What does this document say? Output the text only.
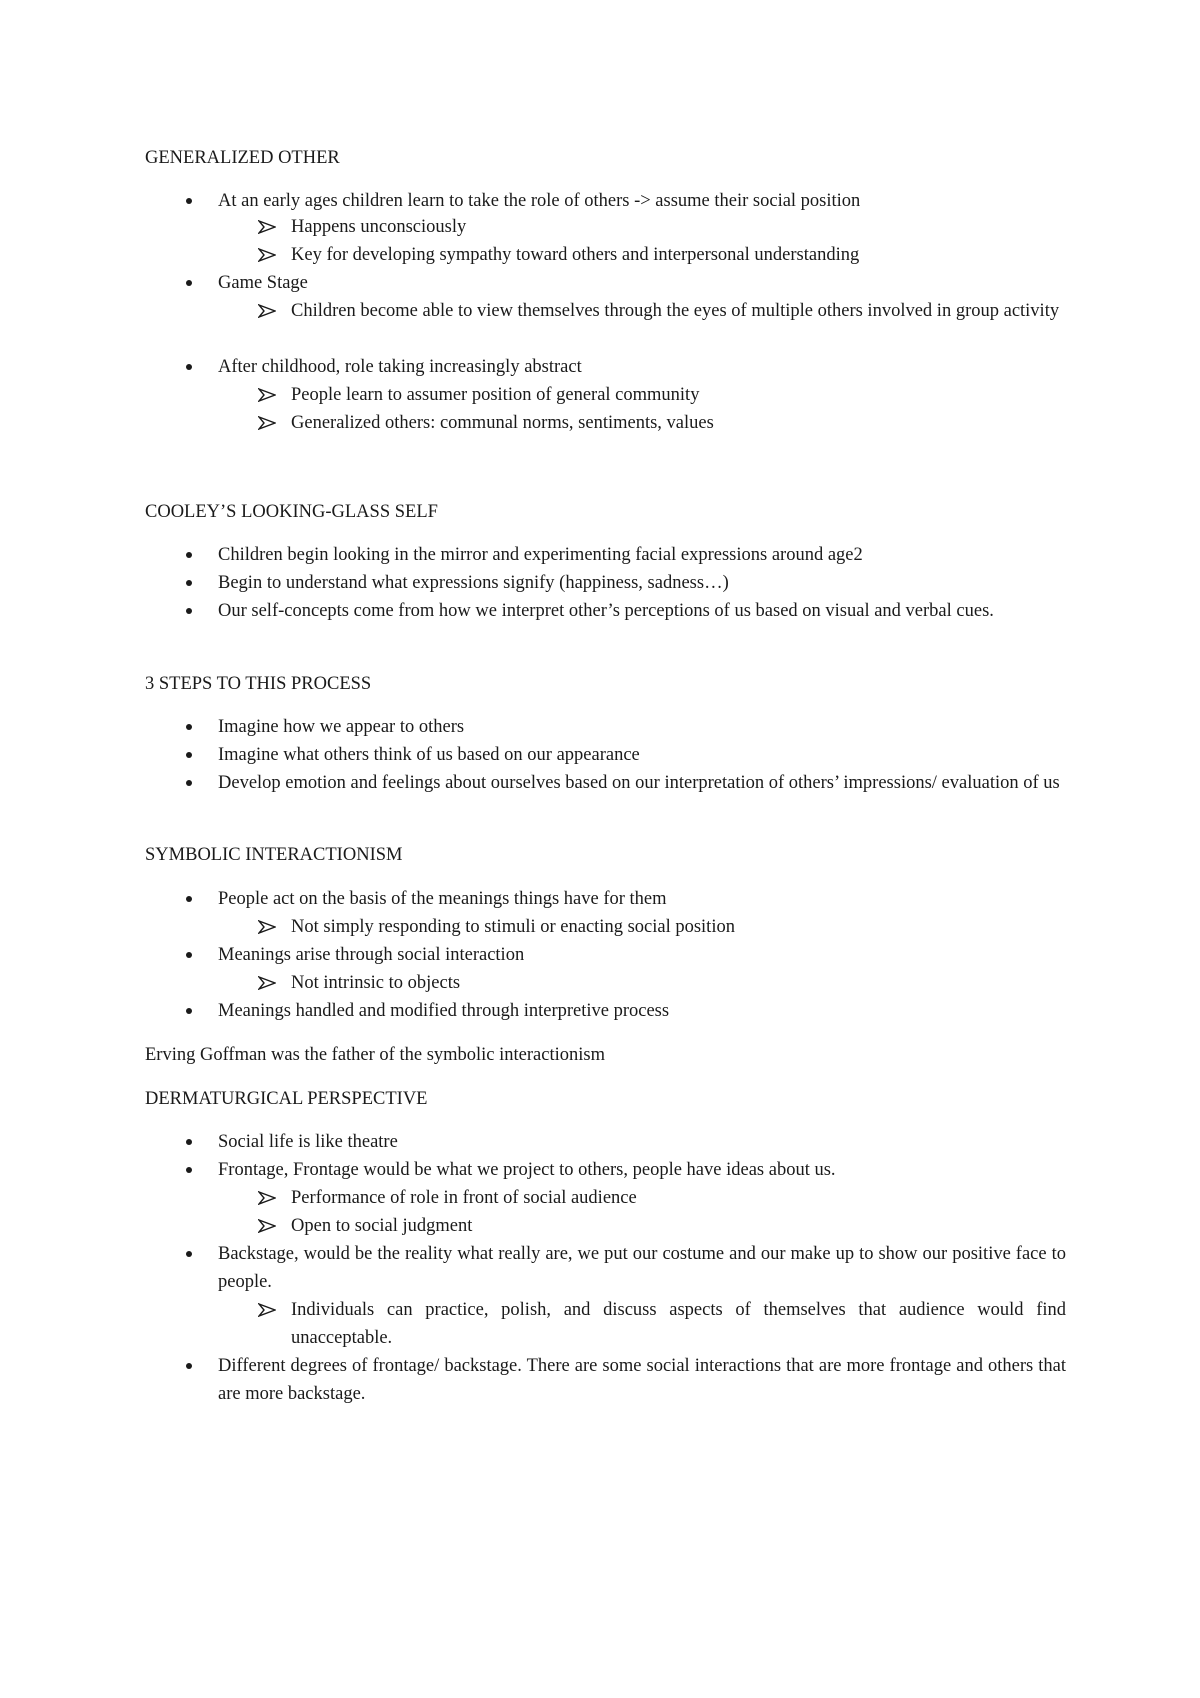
GENERALIZED OTHER
At an early ages children learn to take the role of others -> assume their social position
Happens unconsciously
Key for developing sympathy toward others and interpersonal understanding
Game Stage
Children become able to view themselves through the eyes of multiple others involved in group activity
After childhood, role taking increasingly abstract
People learn to assumer position of general community
Generalized others: communal norms, sentiments, values
COOLEY’S LOOKING-GLASS SELF
Children begin looking in the mirror and experimenting facial expressions around age2
Begin to understand what expressions signify (happiness, sadness…)
Our self-concepts come from how we interpret other’s perceptions of us based on visual and verbal cues.
3 STEPS TO THIS PROCESS
Imagine how we appear to others
Imagine what others think of us based on our appearance
Develop emotion and feelings about ourselves based on our interpretation of others’ impressions/ evaluation of us
SYMBOLIC INTERACTIONISM
People act on the basis of the meanings things have for them
Not simply responding to stimuli or enacting social position
Meanings arise through social interaction
Not intrinsic to objects
Meanings handled and modified through interpretive process
Erving Goffman was the father of the symbolic interactionism
DERMATURGICAL PERSPECTIVE
Social life is like theatre
Frontage, Frontage would be what we project to others, people have ideas about us.
Performance of role in front of social audience
Open to social judgment
Backstage, would be the reality what really are, we put our costume and our make up to show our positive face to people.
Individuals can practice, polish, and discuss aspects of themselves that audience would find unacceptable.
Different degrees of frontage/ backstage. There are some social interactions that are more frontage and others that are more backstage.
